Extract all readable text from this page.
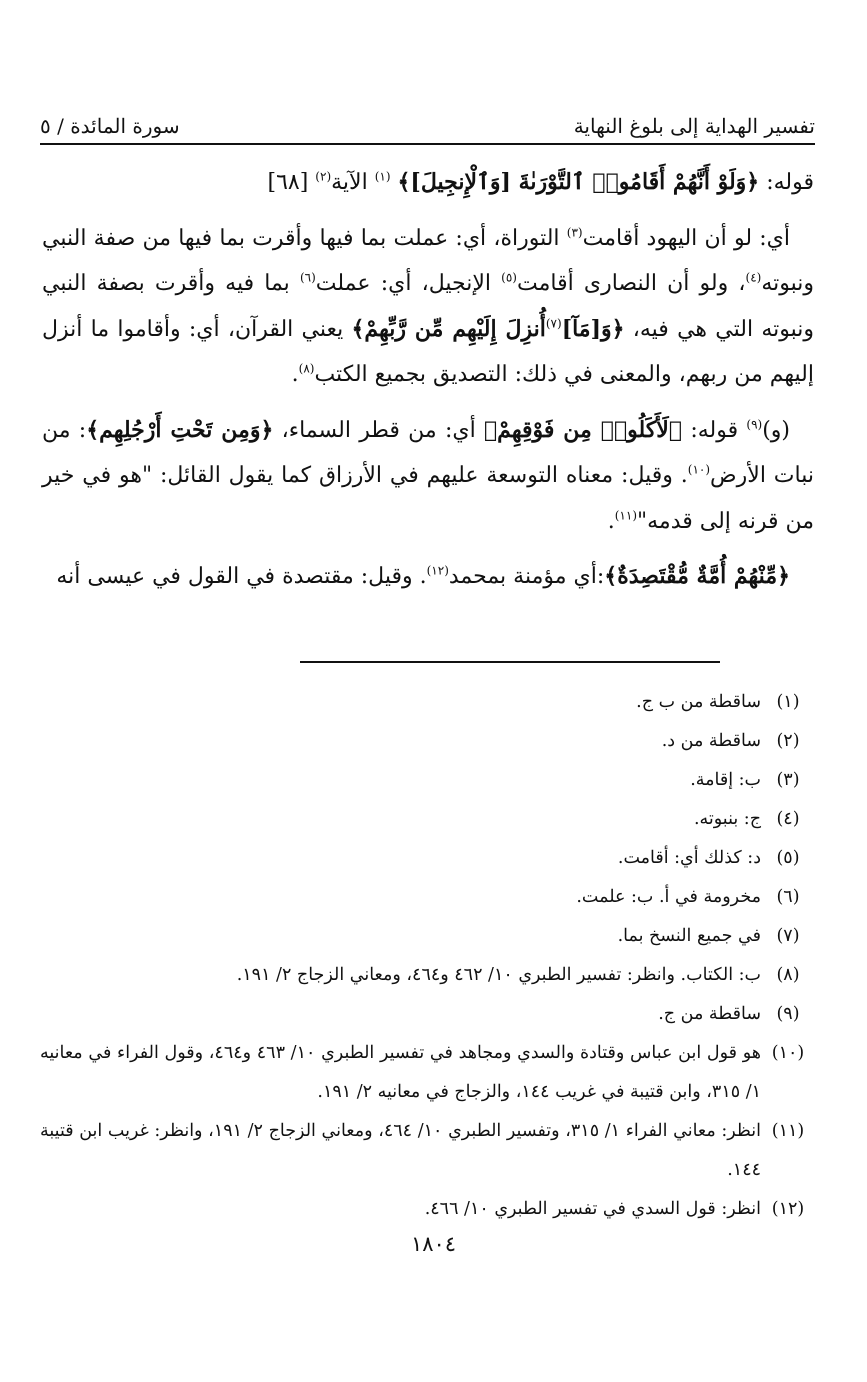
تفسير الهداية إلى بلوغ النهاية
سورة المائدة / ٥

قوله: ﴿وَلَوْ أَنَّهُمْ أَقَامُوا۟ ٱلتَّوْرَىٰةَ [وَٱلْإِنجِيلَ]﴾ $^{(١)}$ الآية$^{(٢)}$ [٦٨]

أي: لو أن اليهود أقامت$^{(٣)}$ التوراة، أي: عملت بما فيها وأقرت بما فيها من صفة النبي ونبوته$^{(٤)}$، ولو أن النصارى أقامت$^{(٥)}$ الإنجيل، أي: عملت$^{(٦)}$ بما فيه وأقرت بصفة النبي ونبوته التي هي فيه، ﴿وَ[مَآ]$^{(٧)}$أُنزِلَ إِلَيْهِم مِّن رَّبِّهِمْ﴾ يعني القرآن، أي: وأقاموا ما أنزل إليهم من ربهم، والمعنى في ذلك: التصديق بجميع الكتب$^{(٨)}$.

(و)$^{(٩)}$ قوله: ﴿لَأَكَلُوا۟ مِن فَوْقِهِمْ﴾ أي: من قطر السماء، ﴿وَمِن تَحْتِ أَرْجُلِهِم﴾: من نبات الأرض$^{(١٠)}$. وقيل: معناه التوسعة عليهم في الأرزاق كما يقول القائل: "هو في خير من قرنه إلى قدمه"$^{(١١)}$.

﴿مِّنْهُمْ أُمَّةٌ مُّقْتَصِدَةٌ﴾:أي مؤمنة بمحمد$^{(١٢)}$. وقيل: مقتصدة في القول في عيسى أنه

(١)
ساقطة من ب ج.
(٢)
ساقطة من د.
(٣)
ب: إقامة.
(٤)
ج: بنبوته.
(٥)
د: كذلك أي: أقامت.
(٦)
مخرومة في أ. ب: علمت.
(٧)
في جميع النسخ بما.
(٨)
ب: الكتاب. وانظر: تفسير الطبري ١٠/ ٤٦٢ و٤٦٤، ومعاني الزجاج ٢/ ١٩١.
(٩)
ساقطة من ج.
(١٠)
هو قول ابن عباس وقتادة والسدي ومجاهد في تفسير الطبري ١٠/ ٤٦٣ و٤٦٤، وقول الفراء في معانيه ١/ ٣١٥، وابن قتيبة في غريب ١٤٤، والزجاج في معانيه ٢/ ١٩١.
(١١)
انظر: معاني الفراء ١/ ٣١٥، وتفسير الطبري ١٠/ ٤٦٤، ومعاني الزجاج ٢/ ١٩١، وانظر: غريب ابن قتيبة ١٤٤.
(١٢)
انظر: قول السدي في تفسير الطبري ١٠/ ٤٦٦.
١٨٠٤
